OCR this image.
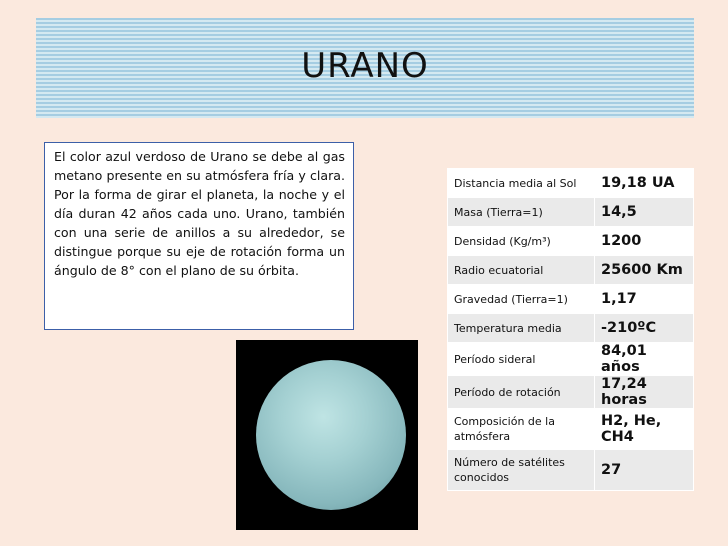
URANO

El color azul verdoso de Urano se debe al gas metano presente en su atmósfera fría y clara. Por la forma de girar el planeta, la noche y el día duran 42 años cada uno. Urano, también con una serie de anillos a su alrededor, se distingue porque su eje de rotación forma un ángulo de 8° con el plano de su órbita.

Distancia media al Sol	19,18 UA
Masa (Tierra=1)	14,5
Densidad (Kg/m³)	1200
Radio ecuatorial	25600 Km
Gravedad (Tierra=1)	1,17
Temperatura media	-210ºC
Período sideral	84,01 años
Período de rotación	17,24 horas
Composición de la atmósfera	H2, He, CH4
Número de satélites conocidos	27
